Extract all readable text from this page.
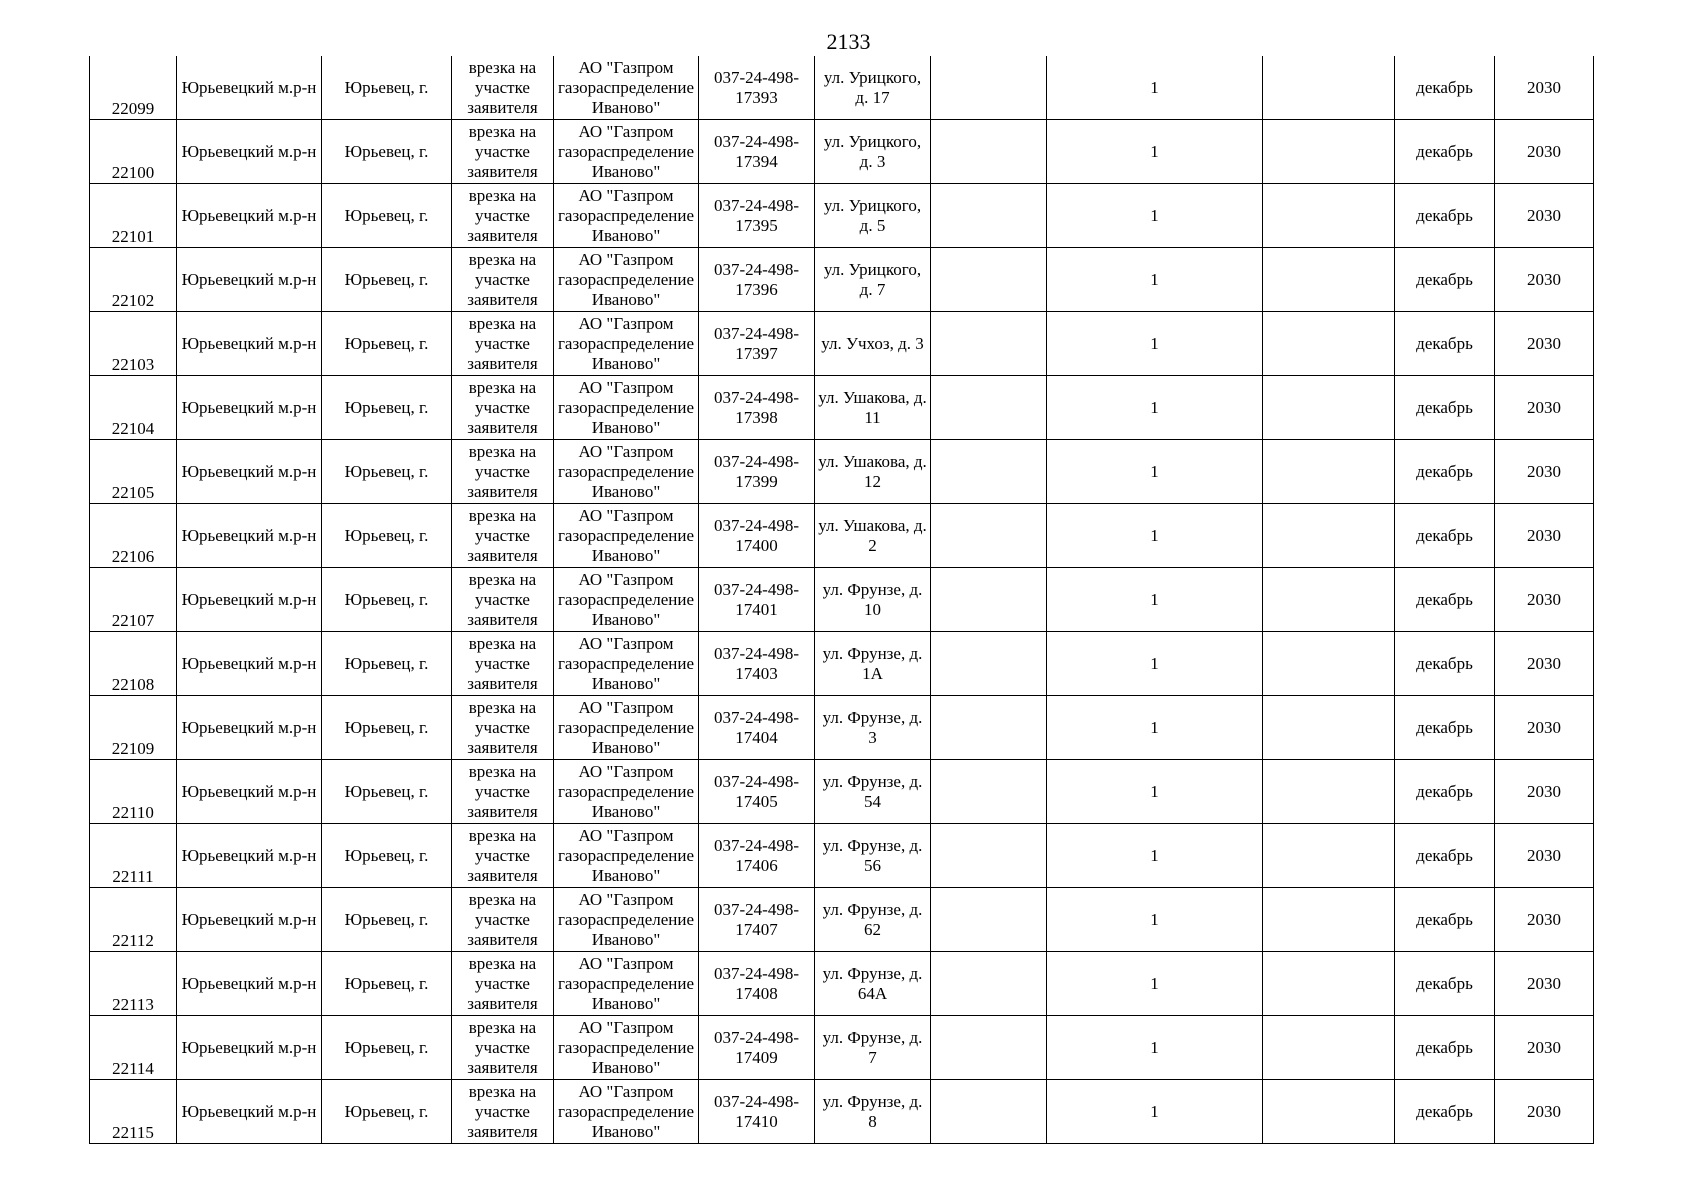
2133
22099	Юрьевецкий м.р-н	Юрьевец, г.	врезка на участке заявителя	АО "Газпром газораспределение Иваново"	037-24-498-17393	ул. Урицкого, д. 17		1		декабрь	2030
22100	Юрьевецкий м.р-н	Юрьевец, г.	врезка на участке заявителя	АО "Газпром газораспределение Иваново"	037-24-498-17394	ул. Урицкого, д. 3		1		декабрь	2030
22101	Юрьевецкий м.р-н	Юрьевец, г.	врезка на участке заявителя	АО "Газпром газораспределение Иваново"	037-24-498-17395	ул. Урицкого, д. 5		1		декабрь	2030
22102	Юрьевецкий м.р-н	Юрьевец, г.	врезка на участке заявителя	АО "Газпром газораспределение Иваново"	037-24-498-17396	ул. Урицкого, д. 7		1		декабрь	2030
22103	Юрьевецкий м.р-н	Юрьевец, г.	врезка на участке заявителя	АО "Газпром газораспределение Иваново"	037-24-498-17397	ул. Учхоз, д. 3		1		декабрь	2030
22104	Юрьевецкий м.р-н	Юрьевец, г.	врезка на участке заявителя	АО "Газпром газораспределение Иваново"	037-24-498-17398	ул. Ушакова, д. 11		1		декабрь	2030
22105	Юрьевецкий м.р-н	Юрьевец, г.	врезка на участке заявителя	АО "Газпром газораспределение Иваново"	037-24-498-17399	ул. Ушакова, д. 12		1		декабрь	2030
22106	Юрьевецкий м.р-н	Юрьевец, г.	врезка на участке заявителя	АО "Газпром газораспределение Иваново"	037-24-498-17400	ул. Ушакова, д. 2		1		декабрь	2030
22107	Юрьевецкий м.р-н	Юрьевец, г.	врезка на участке заявителя	АО "Газпром газораспределение Иваново"	037-24-498-17401	ул. Фрунзе, д. 10		1		декабрь	2030
22108	Юрьевецкий м.р-н	Юрьевец, г.	врезка на участке заявителя	АО "Газпром газораспределение Иваново"	037-24-498-17403	ул. Фрунзе, д. 1А		1		декабрь	2030
22109	Юрьевецкий м.р-н	Юрьевец, г.	врезка на участке заявителя	АО "Газпром газораспределение Иваново"	037-24-498-17404	ул. Фрунзе, д. 3		1		декабрь	2030
22110	Юрьевецкий м.р-н	Юрьевец, г.	врезка на участке заявителя	АО "Газпром газораспределение Иваново"	037-24-498-17405	ул. Фрунзе, д. 54		1		декабрь	2030
22111	Юрьевецкий м.р-н	Юрьевец, г.	врезка на участке заявителя	АО "Газпром газораспределение Иваново"	037-24-498-17406	ул. Фрунзе, д. 56		1		декабрь	2030
22112	Юрьевецкий м.р-н	Юрьевец, г.	врезка на участке заявителя	АО "Газпром газораспределение Иваново"	037-24-498-17407	ул. Фрунзе, д. 62		1		декабрь	2030
22113	Юрьевецкий м.р-н	Юрьевец, г.	врезка на участке заявителя	АО "Газпром газораспределение Иваново"	037-24-498-17408	ул. Фрунзе, д. 64А		1		декабрь	2030
22114	Юрьевецкий м.р-н	Юрьевец, г.	врезка на участке заявителя	АО "Газпром газораспределение Иваново"	037-24-498-17409	ул. Фрунзе, д. 7		1		декабрь	2030
22115	Юрьевецкий м.р-н	Юрьевец, г.	врезка на участке заявителя	АО "Газпром газораспределение Иваново"	037-24-498-17410	ул. Фрунзе, д. 8		1		декабрь	2030
